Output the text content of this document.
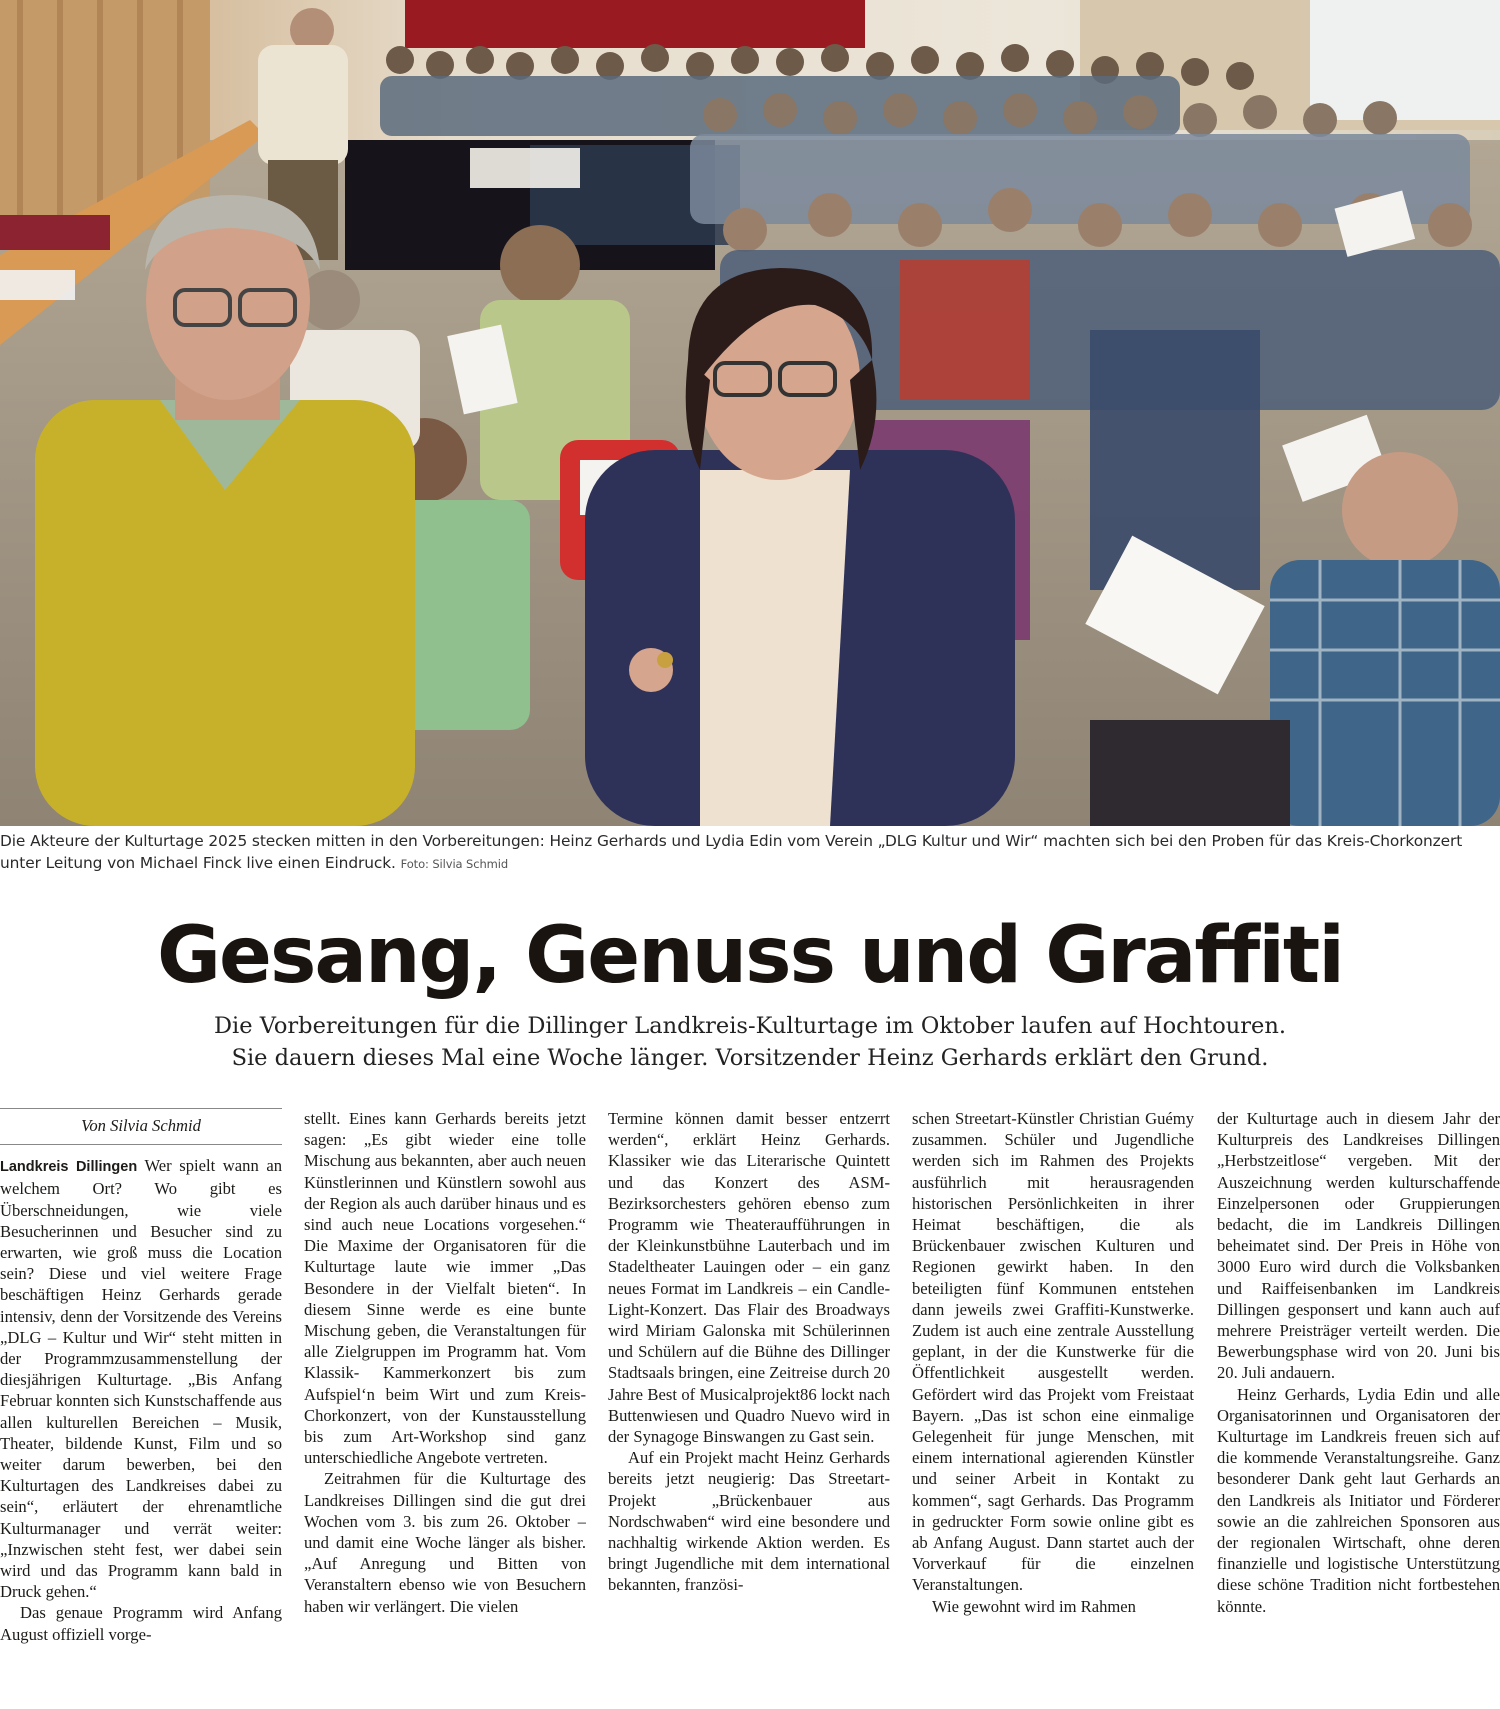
Die Akteure der Kulturtage 2025 stecken mitten in den Vorbereitungen: Heinz Gerhards und Lydia Edin vom Verein „DLG Kultur und Wir“ machten sich bei den Proben für das Kreis-Chorkonzert unter Leitung von Michael Finck live einen Eindruck. Foto: Silvia Schmid
Gesang, Genuss und Graffiti
Die Vorbereitungen für die Dillinger Landkreis-Kulturtage im Oktober laufen auf Hochtouren.
Sie dauern dieses Mal eine Woche länger. Vorsitzender Heinz Gerhards erklärt den Grund.
Von Silvia Schmid

Landkreis Dillingen Wer spielt wann an welchem Ort? Wo gibt es Überschneidungen, wie viele Besucherinnen und Besucher sind zu erwarten, wie groß muss die Location sein? Diese und viel weitere Frage beschäftigen Heinz Gerhards gerade intensiv, denn der Vorsitzende des Vereins „DLG – Kultur und Wir“ steht mitten in der Programmzusammenstellung der diesjährigen Kulturtage. „Bis Anfang Februar konnten sich Kunstschaffende aus allen kulturellen Bereichen – Musik, Theater, bildende Kunst, Film und so weiter darum bewerben, bei den Kulturtagen des Landkreises dabei zu sein“, erläutert der ehrenamtliche Kulturmanager und verrät weiter: „Inzwischen steht fest, wer dabei sein wird und das Programm kann bald in Druck gehen.“

Das genaue Programm wird Anfang August offiziell vorge-

stellt. Eines kann Gerhards bereits jetzt sagen: „Es gibt wieder eine tolle Mischung aus bekannten, aber auch neuen Künstlerinnen und Künstlern sowohl aus der Region als auch darüber hinaus und es sind auch neue Locations vorgesehen.“ Die Maxime der Organisatoren für die Kulturtage laute wie immer „Das Besondere in der Vielfalt bieten“. In diesem Sinne werde es eine bunte Mischung geben, die Veranstaltungen für alle Zielgruppen im Programm hat. Vom Klassik- Kammerkonzert bis zum Aufspiel‘n beim Wirt und zum Kreis-Chorkonzert, von der Kunstausstellung bis zum Art-Workshop sind ganz unterschiedliche Angebote vertreten.

Zeitrahmen für die Kulturtage des Landkreises Dillingen sind die gut drei Wochen vom 3. bis zum 26. Oktober – und damit eine Woche länger als bisher. „Auf Anregung und Bitten von Veranstaltern ebenso wie von Besuchern haben wir verlängert. Die vielen

Termine können damit besser entzerrt werden“, erklärt Heinz Gerhards. Klassiker wie das Literarische Quintett und das Konzert des ASM-Bezirksorchesters gehören ebenso zum Programm wie Theateraufführungen in der Kleinkunstbühne Lauterbach und im Stadeltheater Lauingen oder – ein ganz neues Format im Landkreis – ein Candle-Light-Konzert. Das Flair des Broadways wird Miriam Galonska mit Schülerinnen und Schülern auf die Bühne des Dillinger Stadtsaals bringen, eine Zeitreise durch 20 Jahre Best of Musicalprojekt86 lockt nach Buttenwiesen und Quadro Nuevo wird in der Synagoge Binswangen zu Gast sein.

Auf ein Projekt macht Heinz Gerhards bereits jetzt neugierig: Das Streetart-Projekt „Brückenbauer aus Nordschwaben“ wird eine besondere und nachhaltig wirkende Aktion werden. Es bringt Jugendliche mit dem international bekannten, französi-

schen Streetart-Künstler Christian Guémy zusammen. Schüler und Jugendliche werden sich im Rahmen des Projekts ausführlich mit herausragenden historischen Persönlichkeiten in ihrer Heimat beschäftigen, die als Brückenbauer zwischen Kulturen und Regionen gewirkt haben. In den beteiligten fünf Kommunen entstehen dann jeweils zwei Graffiti-Kunstwerke. Zudem ist auch eine zentrale Ausstellung geplant, in der die Kunstwerke für die Öffentlichkeit ausgestellt werden. Gefördert wird das Projekt vom Freistaat Bayern. „Das ist schon eine einmalige Gelegenheit für junge Menschen, mit einem international agierenden Künstler und seiner Arbeit in Kontakt zu kommen“, sagt Gerhards. Das Programm in gedruckter Form sowie online gibt es ab Anfang August. Dann startet auch der Vorverkauf für die einzelnen Veranstaltungen.

Wie gewohnt wird im Rahmen

der Kulturtage auch in diesem Jahr der Kulturpreis des Landkreises Dillingen „Herbstzeitlose“ vergeben. Mit der Auszeichnung werden kulturschaffende Einzelpersonen oder Gruppierungen bedacht, die im Landkreis Dillingen beheimatet sind. Der Preis in Höhe von 3000 Euro wird durch die Volksbanken und Raiffeisenbanken im Landkreis Dillingen gesponsert und kann auch auf mehrere Preisträger verteilt werden. Die Bewerbungsphase wird von 20. Juni bis 20. Juli andauern.

Heinz Gerhards, Lydia Edin und alle Organisatorinnen und Organisatoren der Kulturtage im Landkreis freuen sich auf die kommende Veranstaltungsreihe. Ganz besonderer Dank geht laut Gerhards an den Landkreis als Initiator und Förderer sowie an die zahlreichen Sponsoren aus der regionalen Wirtschaft, ohne deren finanzielle und logistische Unterstützung diese schöne Tradition nicht fortbestehen könnte.
